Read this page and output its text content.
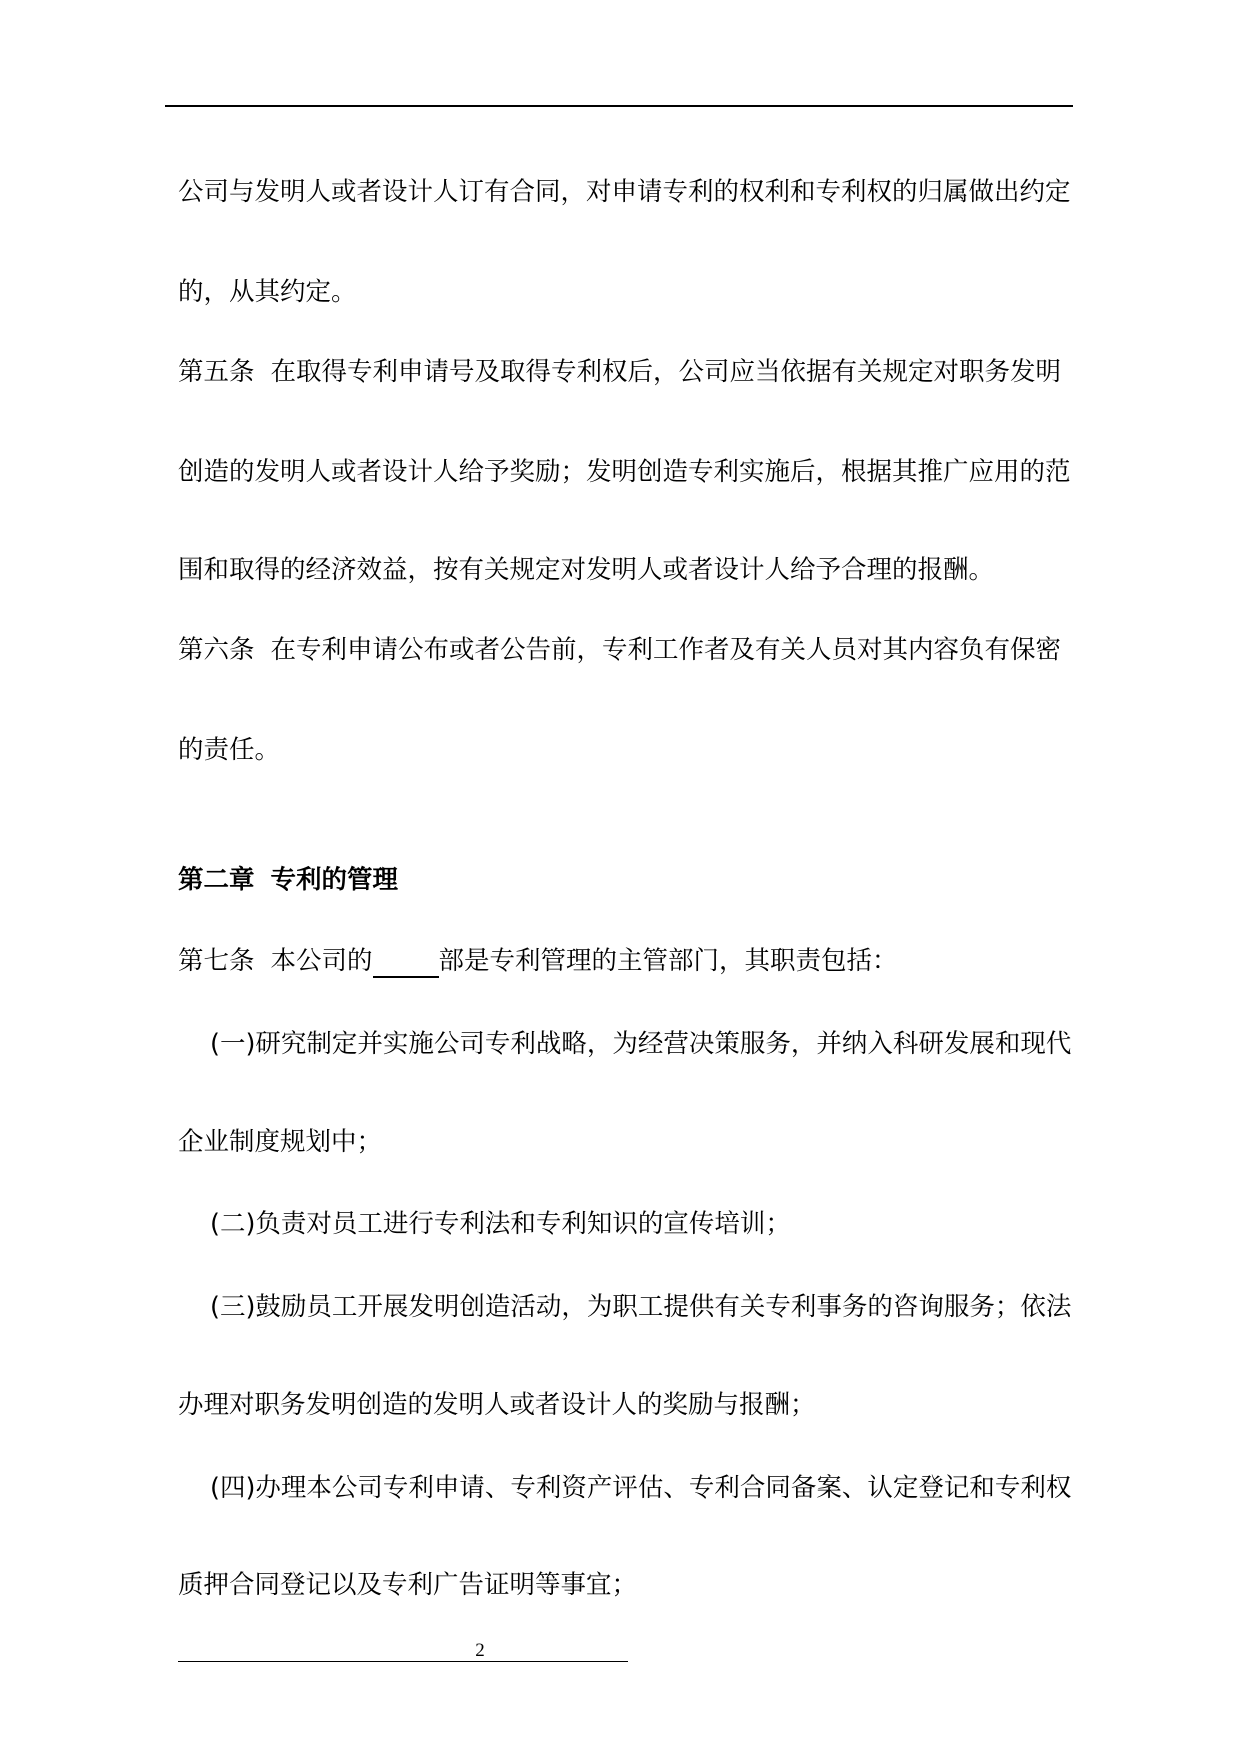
公司与发明人或者设计人订有合同，对申请专利的权利和专利权的归属做出约定
的，从其约定。
第五条 在取得专利申请号及取得专利权后，公司应当依据有关规定对职务发明
创造的发明人或者设计人给予奖励；发明创造专利实施后，根据其推广应用的范
围和取得的经济效益，按有关规定对发明人或者设计人给予合理的报酬。
第六条 在专利申请公布或者公告前，专利工作者及有关人员对其内容负有保密
的责任。
第二章 专利的管理
第七条 本公司的	部是专利管理的主管部门，其职责包括：
(一)研究制定并实施公司专利战略，为经营决策服务，并纳入科研发展和现代
企业制度规划中；
(二)负责对员工进行专利法和专利知识的宣传培训；
(三)鼓励员工开展发明创造活动，为职工提供有关专利事务的咨询服务；依法
办理对职务发明创造的发明人或者设计人的奖励与报酬；
(四)办理本公司专利申请、专利资产评估、专利合同备案、认定登记和专利权
质押合同登记以及专利广告证明等事宜；
2
